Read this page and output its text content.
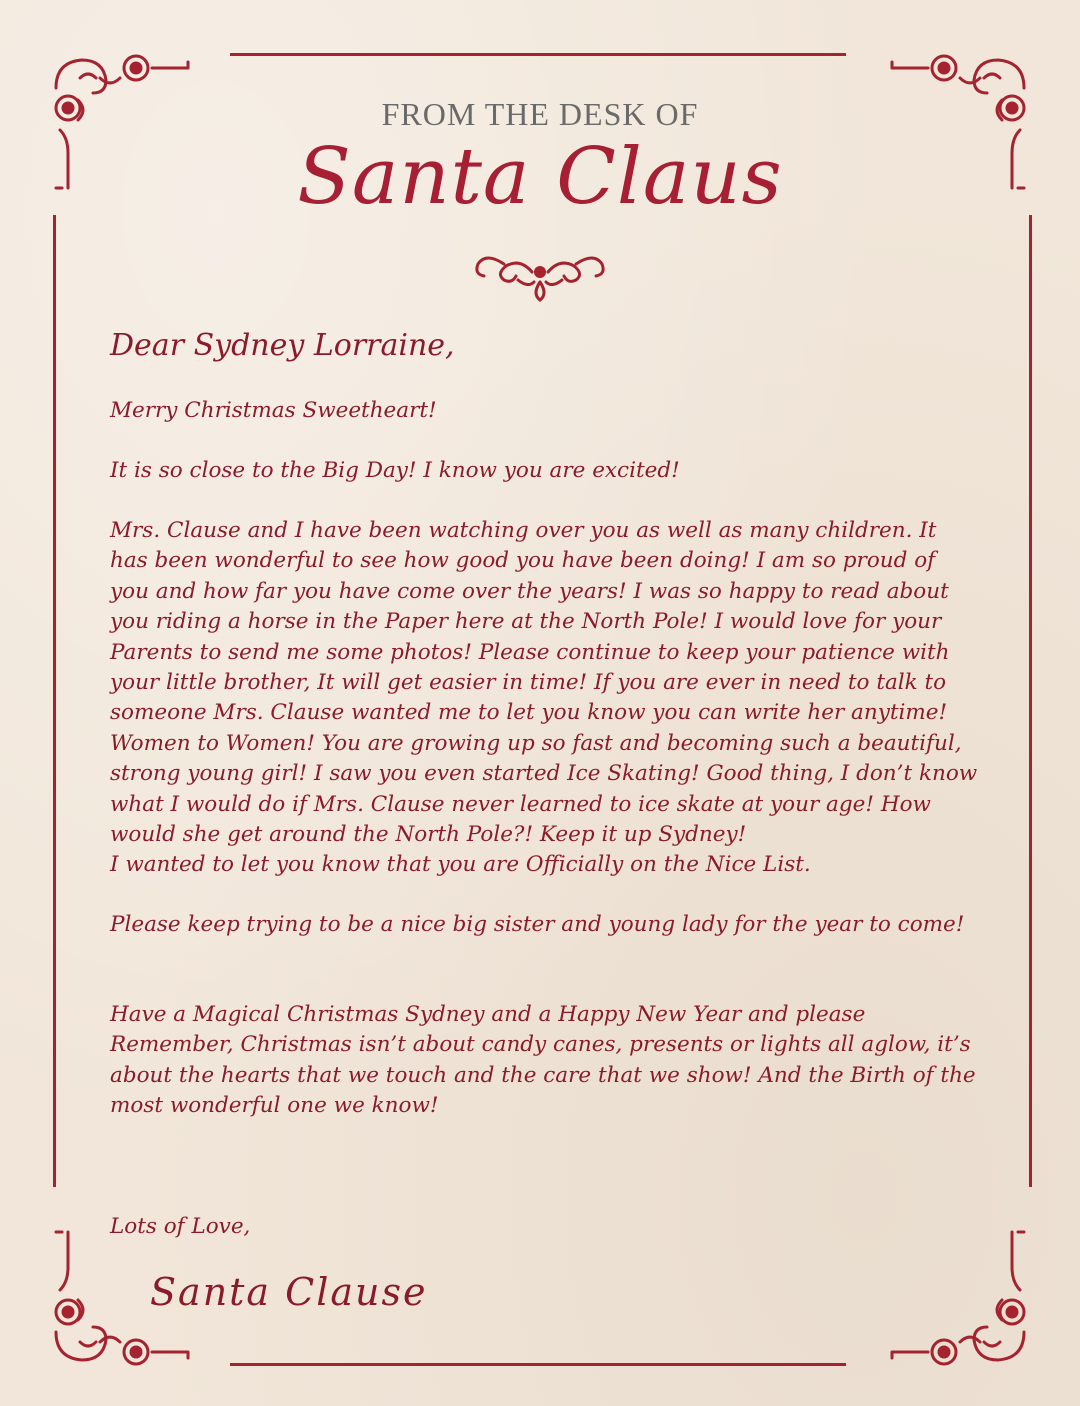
FROM THE DESK OF
Santa Claus
Dear Sydney Lorraine,
Merry Christmas Sweetheart!
It is so close to the Big Day! I know you are excited!
Mrs. Clause and I have been watching over you as well as many children. It has been wonderful to see how good you have been doing! I am so proud of you and how far you have come over the years! I was so happy to read about you riding a horse in the Paper here at the North Pole! I would love for your Parents to send me some photos! Please continue to keep your patience with your little brother, It will get easier in time! If you are ever in need to talk to someone Mrs. Clause wanted me to let you know you can write her anytime! Women to Women! You are growing up so fast and becoming such a beautiful, strong young girl! I saw you even started Ice Skating! Good thing, I don’t know what I would do if Mrs. Clause never learned to ice skate at your age! How would she get around the North Pole?! Keep it up Sydney!
I wanted to let you know that you are Officially on the Nice List.
Please keep trying to be a nice big sister and young lady for the year to come!
Have a Magical Christmas Sydney and a Happy New Year and please Remember, Christmas isn’t about candy canes, presents or lights all aglow, it’s about the hearts that we touch and the care that we show! And the Birth of the most wonderful one we know!
Lots of Love,
Santa Clause
